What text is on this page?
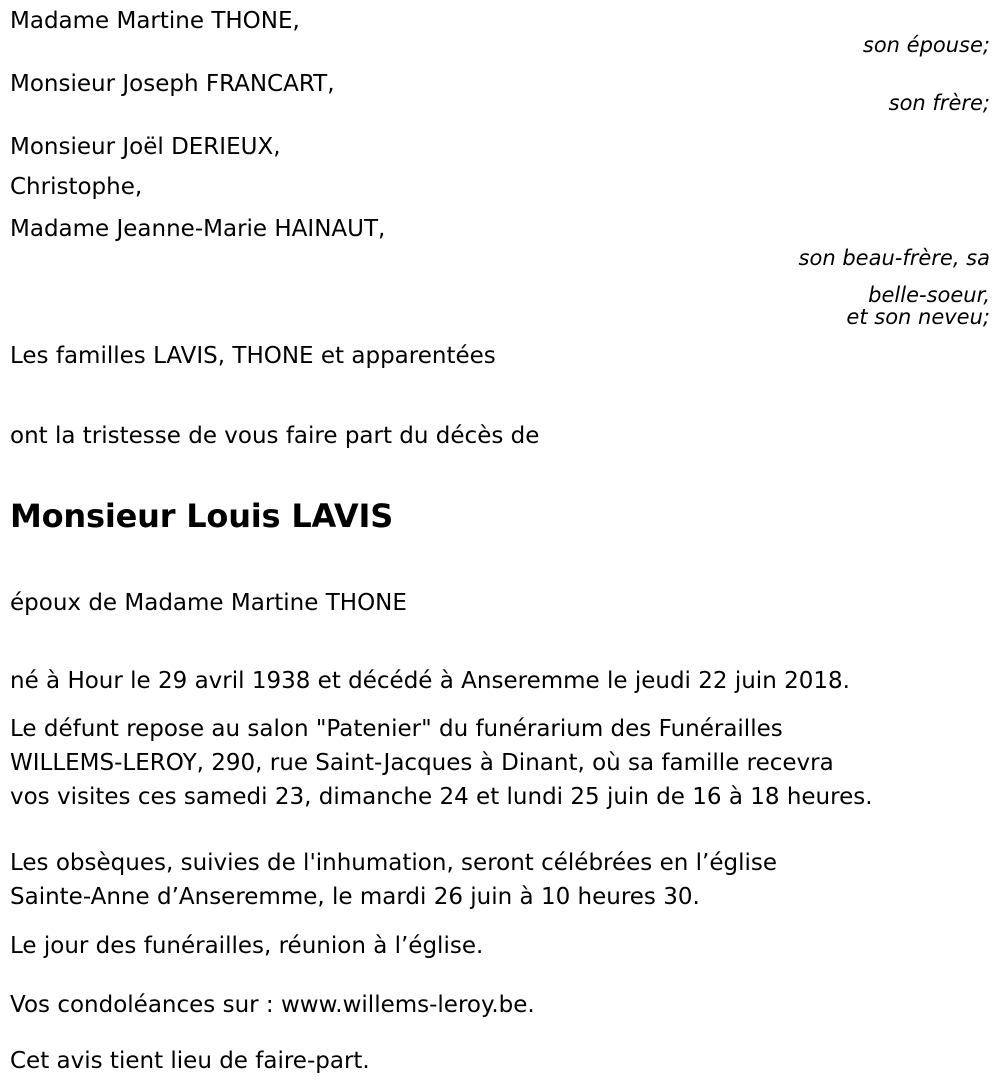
Madame Martine THONE,
Monsieur Joseph FRANCART,
Monsieur Joël DERIEUX,
Christophe,
Madame Jeanne-Marie HAINAUT,
son épouse;
son frère;
son beau-frère, sa
belle-soeur,
et son neveu;
Les familles LAVIS, THONE et apparentées
ont la tristesse de vous faire part du décès de
Monsieur Louis LAVIS
époux de Madame Martine THONE
né à Hour le 29 avril 1938 et décédé à Anseremme le jeudi 22 juin 2018.
Le défunt repose au salon "Patenier" du funérarium des Funérailles
WILLEMS-LEROY, 290, rue Saint-Jacques à Dinant, où sa famille recevra
vos visites ces samedi 23, dimanche 24 et lundi 25 juin de 16 à 18 heures.
Les obsèques, suivies de l'inhumation, seront célébrées en l’église
Sainte-Anne d’Anseremme, le mardi 26 juin à 10 heures 30.
Le jour des funérailles, réunion à l’église.
Vos condoléances sur : www.willems-leroy.be.
Cet avis tient lieu de faire-part.
